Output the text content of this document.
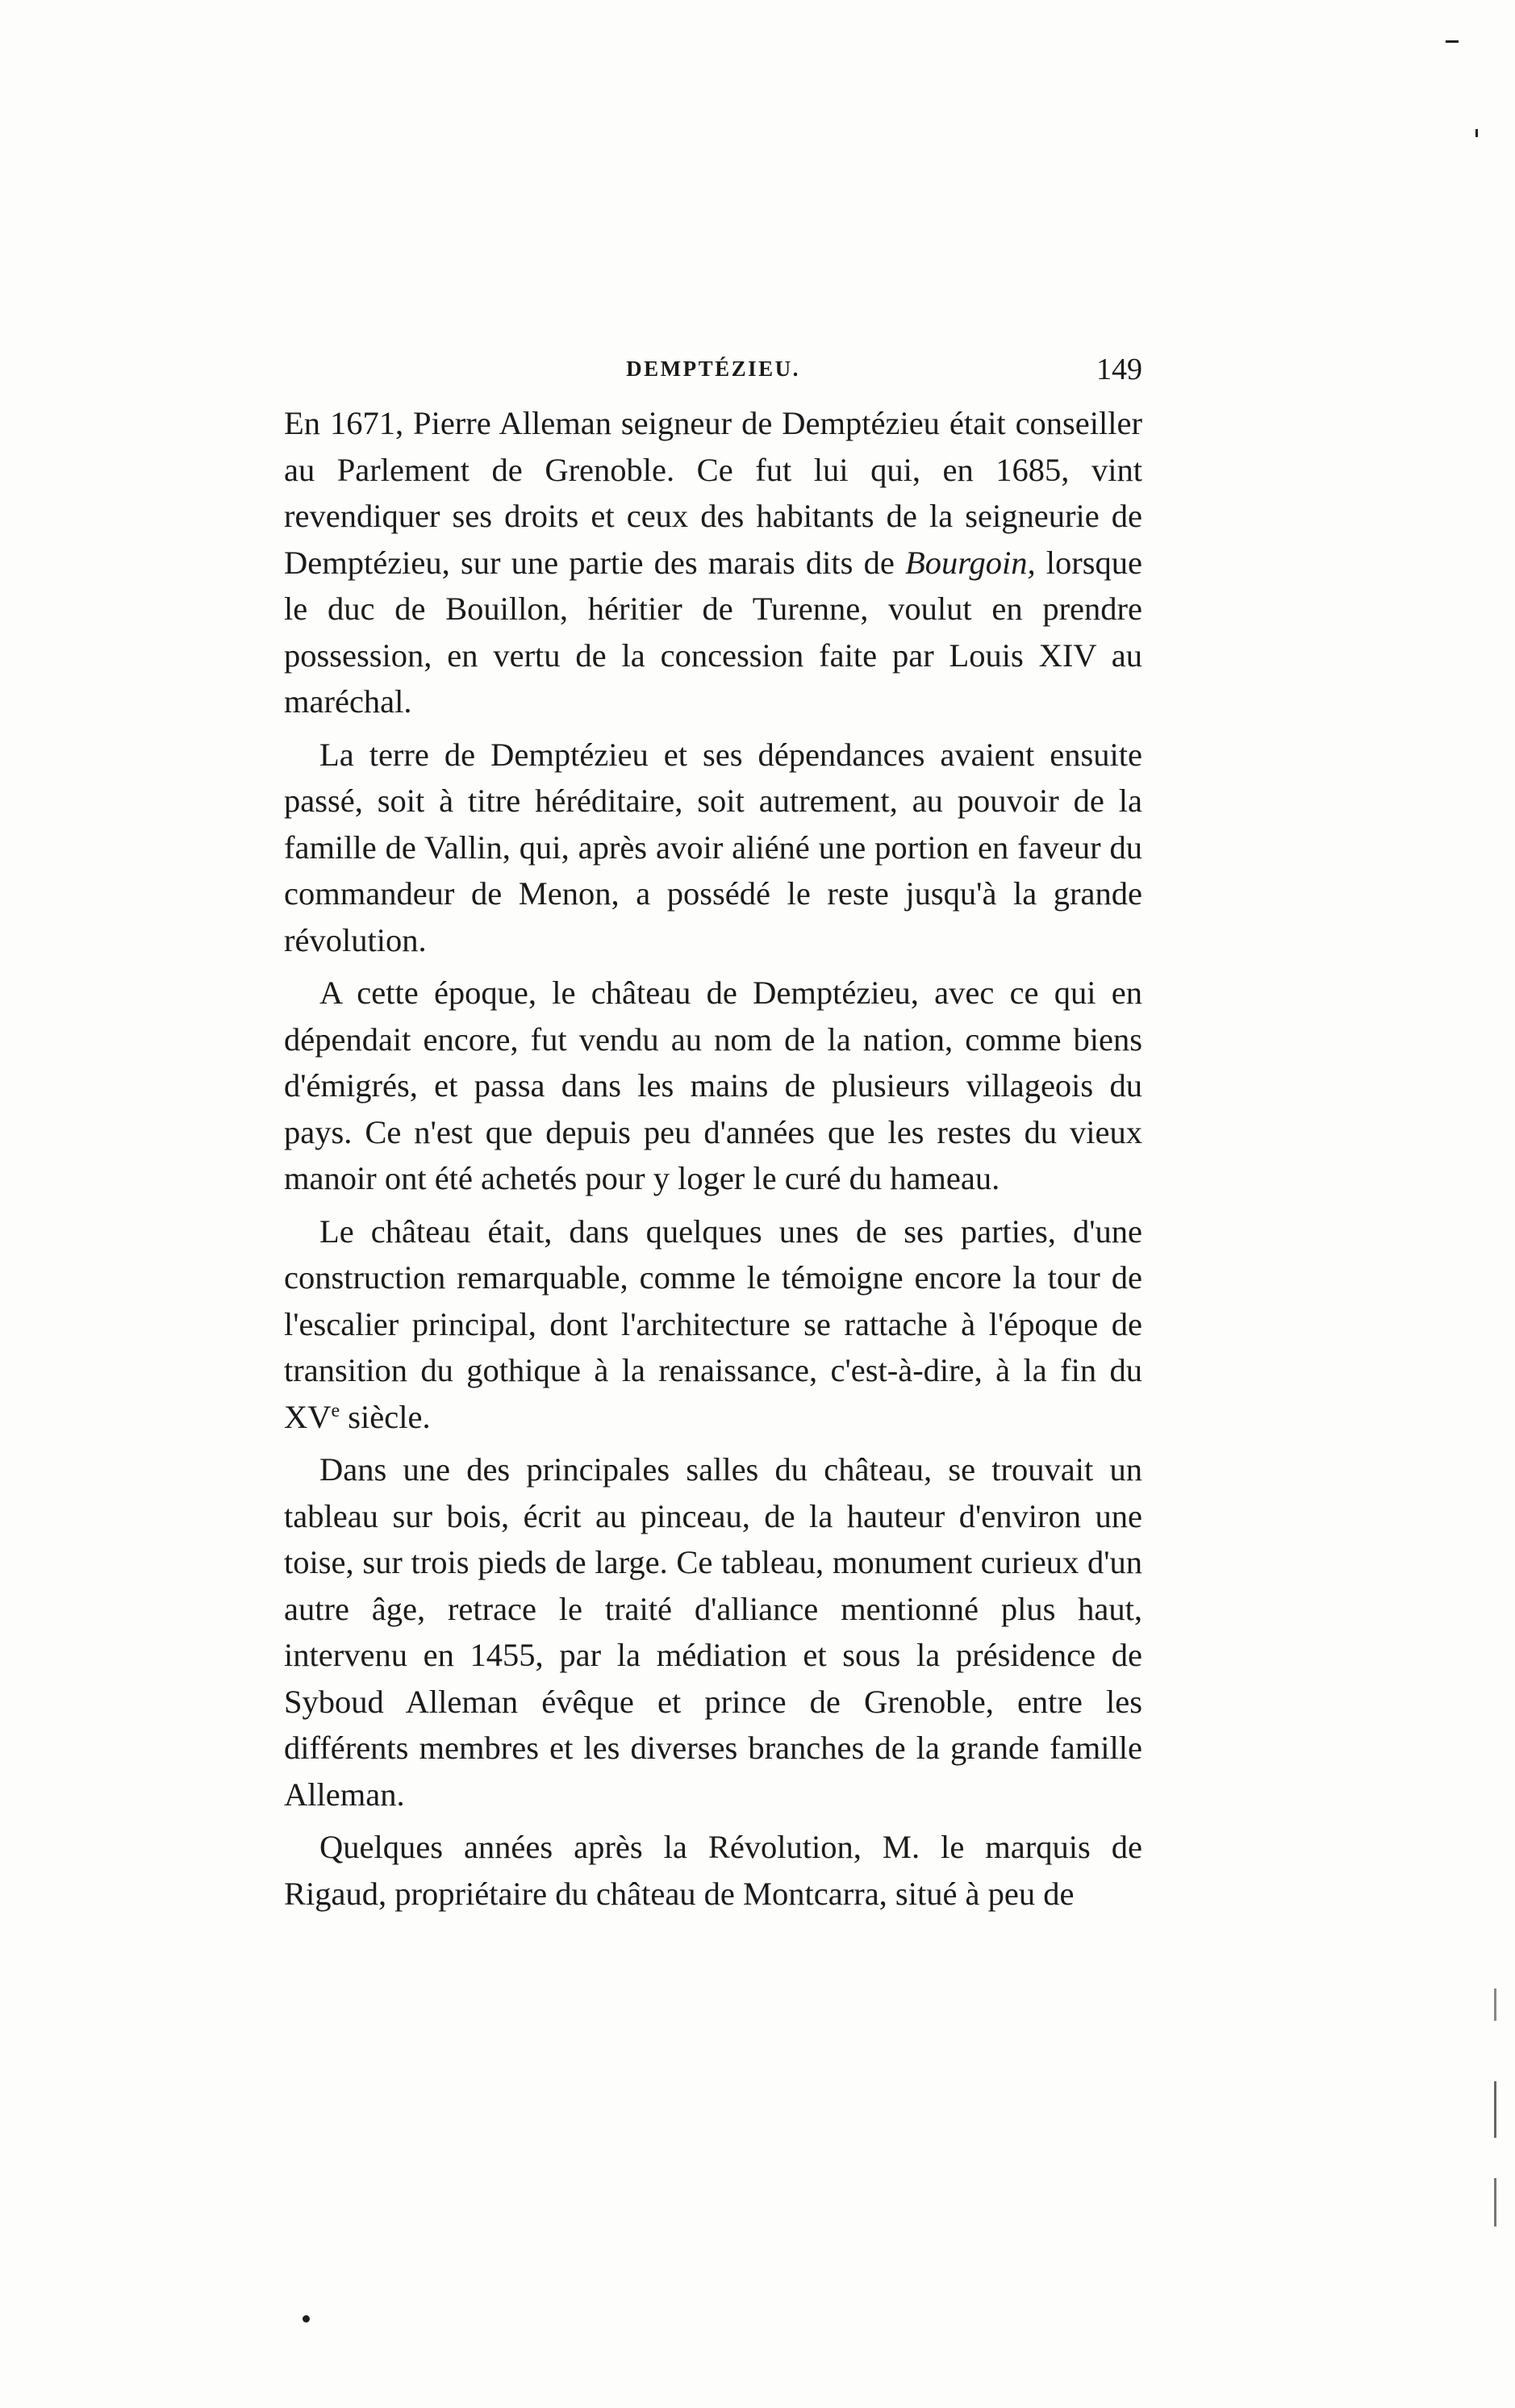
DEMPTÉZIEU.	149

En 1671, Pierre Alleman seigneur de Demptézieu était conseiller au Parlement de Grenoble. Ce fut lui qui, en 1685, vint revendiquer ses droits et ceux des habitants de la seigneurie de Demptézieu, sur une partie des marais dits de Bourgoin, lorsque le duc de Bouillon, héritier de Turenne, voulut en prendre possession, en vertu de la concession faite par Louis XIV au maréchal.

La terre de Demptézieu et ses dépendances avaient ensuite passé, soit à titre héréditaire, soit autrement, au pouvoir de la famille de Vallin, qui, après avoir aliéné une portion en faveur du commandeur de Menon, a possédé le reste jusqu'à la grande révolution.

A cette époque, le château de Demptézieu, avec ce qui en dépendait encore, fut vendu au nom de la nation, comme biens d'émigrés, et passa dans les mains de plusieurs villageois du pays. Ce n'est que depuis peu d'années que les restes du vieux manoir ont été achetés pour y loger le curé du hameau.

Le château était, dans quelques unes de ses parties, d'une construction remarquable, comme le témoigne encore la tour de l'escalier principal, dont l'architecture se rattache à l'époque de transition du gothique à la renaissance, c'est-à-dire, à la fin du XVe siècle.

Dans une des principales salles du château, se trouvait un tableau sur bois, écrit au pinceau, de la hauteur d'environ une toise, sur trois pieds de large. Ce tableau, monument curieux d'un autre âge, retrace le traité d'alliance mentionné plus haut, intervenu en 1455, par la médiation et sous la présidence de Syboud Alleman évêque et prince de Grenoble, entre les différents membres et les diverses branches de la grande famille Alleman.

Quelques années après la Révolution, M. le marquis de Rigaud, propriétaire du château de Montcarra, situé à peu de
